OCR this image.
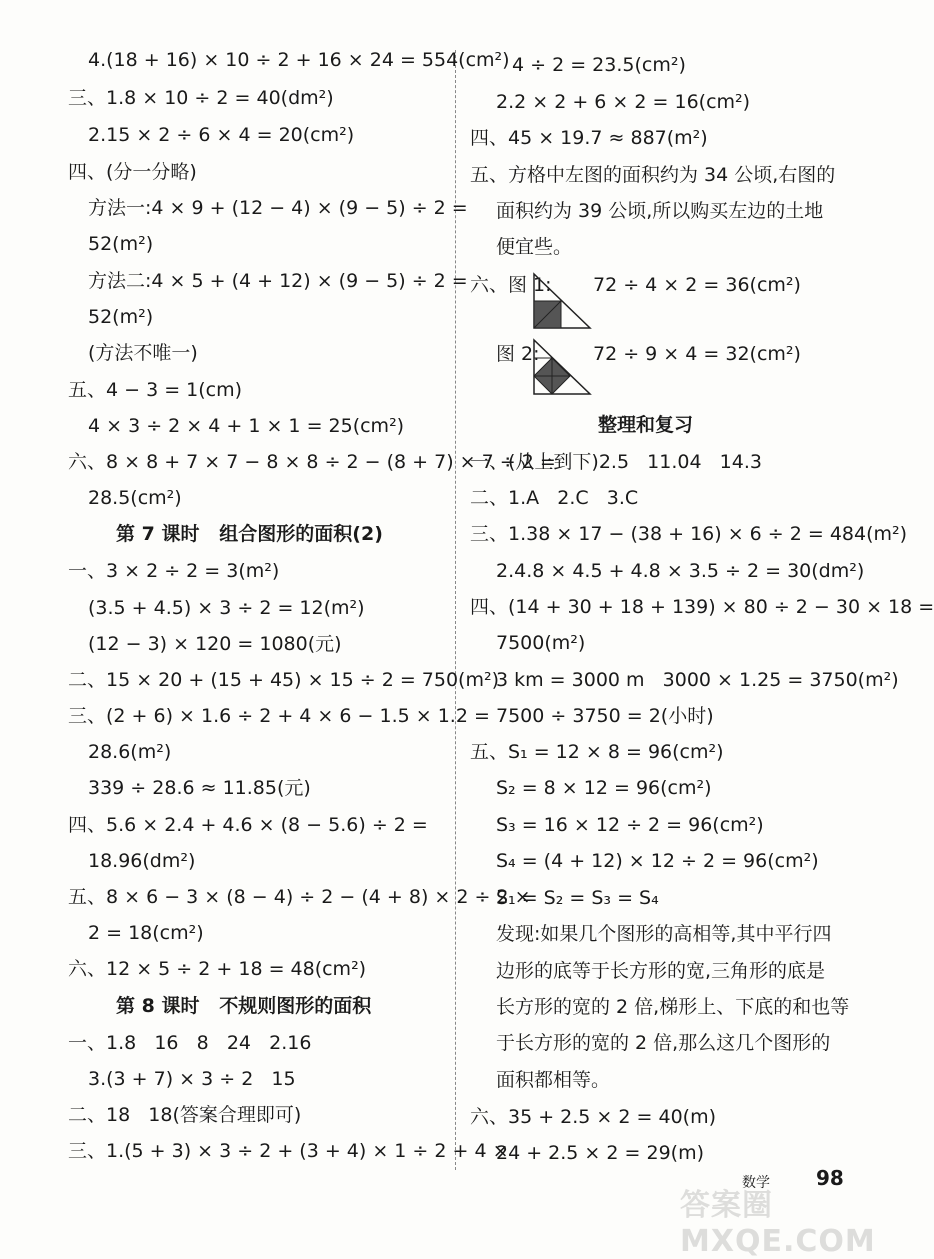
4.(18 + 16) × 10 ÷ 2 + 16 × 24 = 554(cm²)
三、1.8 × 10 ÷ 2 = 40(dm²)
2.15 × 2 ÷ 6 × 4 = 20(cm²)
四、(分一分略)
方法一:4 × 9 + (12 − 4) × (9 − 5) ÷ 2 =
52(m²)
方法二:4 × 5 + (4 + 12) × (9 − 5) ÷ 2 =
52(m²)
(方法不唯一)
五、4 − 3 = 1(cm)
4 × 3 ÷ 2 × 4 + 1 × 1 = 25(cm²)
六、8 × 8 + 7 × 7 − 8 × 8 ÷ 2 − (8 + 7) × 7 ÷ 2 =
28.5(cm²)
第 7 课时   组合图形的面积(2)
一、3 × 2 ÷ 2 = 3(m²)
(3.5 + 4.5) × 3 ÷ 2 = 12(m²)
(12 − 3) × 120 = 1080(元)
二、15 × 20 + (15 + 45) × 15 ÷ 2 = 750(m²)
三、(2 + 6) × 1.6 ÷ 2 + 4 × 6 − 1.5 × 1.2 =
28.6(m²)
339 ÷ 28.6 ≈ 11.85(元)
四、5.6 × 2.4 + 4.6 × (8 − 5.6) ÷ 2 =
18.96(dm²)
五、8 × 6 − 3 × (8 − 4) ÷ 2 − (4 + 8) × 2 ÷ 2 ×
2 = 18(cm²)
六、12 × 5 ÷ 2 + 18 = 48(cm²)
第 8 课时   不规则图形的面积
一、1.8   16   8   24   2.16
3.(3 + 7) × 3 ÷ 2   15
二、18   18(答案合理即可)
三、1.(5 + 3) × 3 ÷ 2 + (3 + 4) × 1 ÷ 2 + 4 ×
4 ÷ 2 = 23.5(cm²)
2.2 × 2 + 6 × 2 = 16(cm²)
四、45 × 19.7 ≈ 887(m²)
五、方格中左图的面积约为 34 公顷,右图的
面积约为 39 公顷,所以购买左边的土地
便宜些。
六、图 1: 72 ÷ 4 × 2 = 36(cm²)
图 2:	72 ÷ 9 × 4 = 32(cm²)
整理和复习
一、(从上到下)2.5   11.04   14.3
二、1.A   2.C   3.C
三、1.38 × 17 − (38 + 16) × 6 ÷ 2 = 484(m²)
2.4.8 × 4.5 + 4.8 × 3.5 ÷ 2 = 30(dm²)
四、(14 + 30 + 18 + 139) × 80 ÷ 2 − 30 × 18 =
7500(m²)
3 km = 3000 m   3000 × 1.25 = 3750(m²)
7500 ÷ 3750 = 2(小时)
五、S₁ = 12 × 8 = 96(cm²)
S₂ = 8 × 12 = 96(cm²)
S₃ = 16 × 12 ÷ 2 = 96(cm²)
S₄ = (4 + 12) × 12 ÷ 2 = 96(cm²)
S₁ = S₂ = S₃ = S₄
发现:如果几个图形的高相等,其中平行四
边形的底等于长方形的宽,三角形的底是
长方形的宽的 2 倍,梯形上、下底的和也等
于长方形的宽的 2 倍,那么这几个图形的
面积都相等。
六、35 + 2.5 × 2 = 40(m)
24 + 2.5 × 2 = 29(m)
答案圈 MXQE.COM
数学 98
